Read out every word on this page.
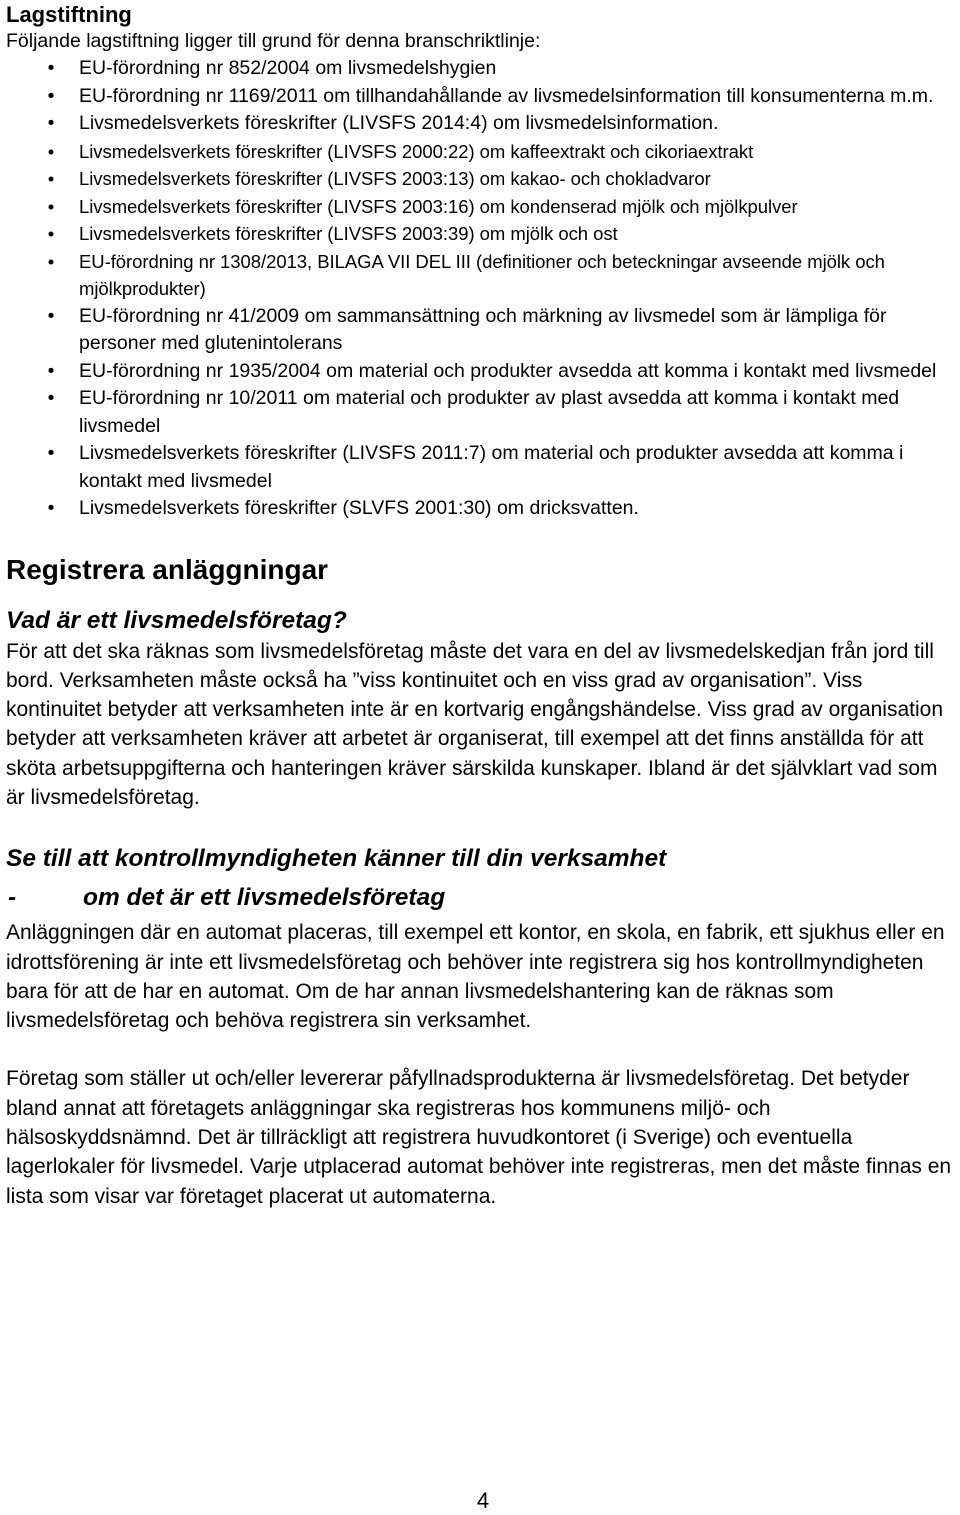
Lagstiftning

Följande lagstiftning ligger till grund för denna branschriktlinje:

•	EU-förordning nr 852/2004 om livsmedelshygien
•	EU-förordning nr 1169/2011 om tillhandahållande av livsmedelsinformation till konsumenterna m.m.
•	Livsmedelsverkets föreskrifter (LIVSFS 2014:4) om livsmedelsinformation.
•	Livsmedelsverkets föreskrifter (LIVSFS 2000:22) om kaffeextrakt och cikoriaextrakt
•	Livsmedelsverkets föreskrifter (LIVSFS 2003:13) om kakao- och chokladvaror
•	Livsmedelsverkets föreskrifter (LIVSFS 2003:16) om kondenserad mjölk och mjölkpulver
•	Livsmedelsverkets föreskrifter (LIVSFS 2003:39) om mjölk och ost
•	EU-förordning nr 1308/2013, BILAGA VII DEL III (definitioner och beteckningar avseende mjölk och mjölkprodukter)
•	EU-förordning nr 41/2009 om sammansättning och märkning av livsmedel som är lämpliga för personer med glutenintolerans
•	EU-förordning nr 1935/2004 om material och produkter avsedda att komma i kontakt med livsmedel
•	EU-förordning nr 10/2011 om material och produkter av plast avsedda att komma i kontakt med livsmedel
•	Livsmedelsverkets föreskrifter (LIVSFS 2011:7) om material och produkter avsedda att komma i kontakt med livsmedel
•	Livsmedelsverkets föreskrifter (SLVFS 2001:30) om dricksvatten.
Registrera anläggningar
Vad är ett livsmedelsföretag?

För att det ska räknas som livsmedelsföretag måste det vara en del av livsmedelskedjan från jord till bord. Verksamheten måste också ha ”viss kontinuitet och en viss grad av organisation”. Viss kontinuitet betyder att verksamheten inte är en kortvarig engångshändelse. Viss grad av organisation betyder att verksamheten kräver att arbetet är organiserat, till exempel att det finns anställda för att sköta arbetsuppgifterna och hanteringen kräver särskilda kunskaper. Ibland är det självklart vad som är livsmedelsföretag.

Se till att kontrollmyndigheten känner till din verksamhet
-	om det är ett livsmedelsföretag

Anläggningen där en automat placeras, till exempel ett kontor, en skola, en fabrik, ett sjukhus eller en idrottsförening är inte ett livsmedelsföretag och behöver inte registrera sig hos kontrollmyndigheten bara för att de har en automat. Om de har annan livsmedelshantering kan de räknas som livsmedelsföretag och behöva registrera sin verksamhet.

Företag som ställer ut och/eller levererar påfyllnadsprodukterna är livsmedelsföretag. Det betyder bland annat att företagets anläggningar ska registreras hos kommunens miljö- och hälsoskyddsnämnd. Det är tillräckligt att registrera huvudkontoret (i Sverige) och eventuella lagerlokaler för livsmedel. Varje utplacerad automat behöver inte registreras, men det måste finnas en lista som visar var företaget placerat ut automaterna.

4
